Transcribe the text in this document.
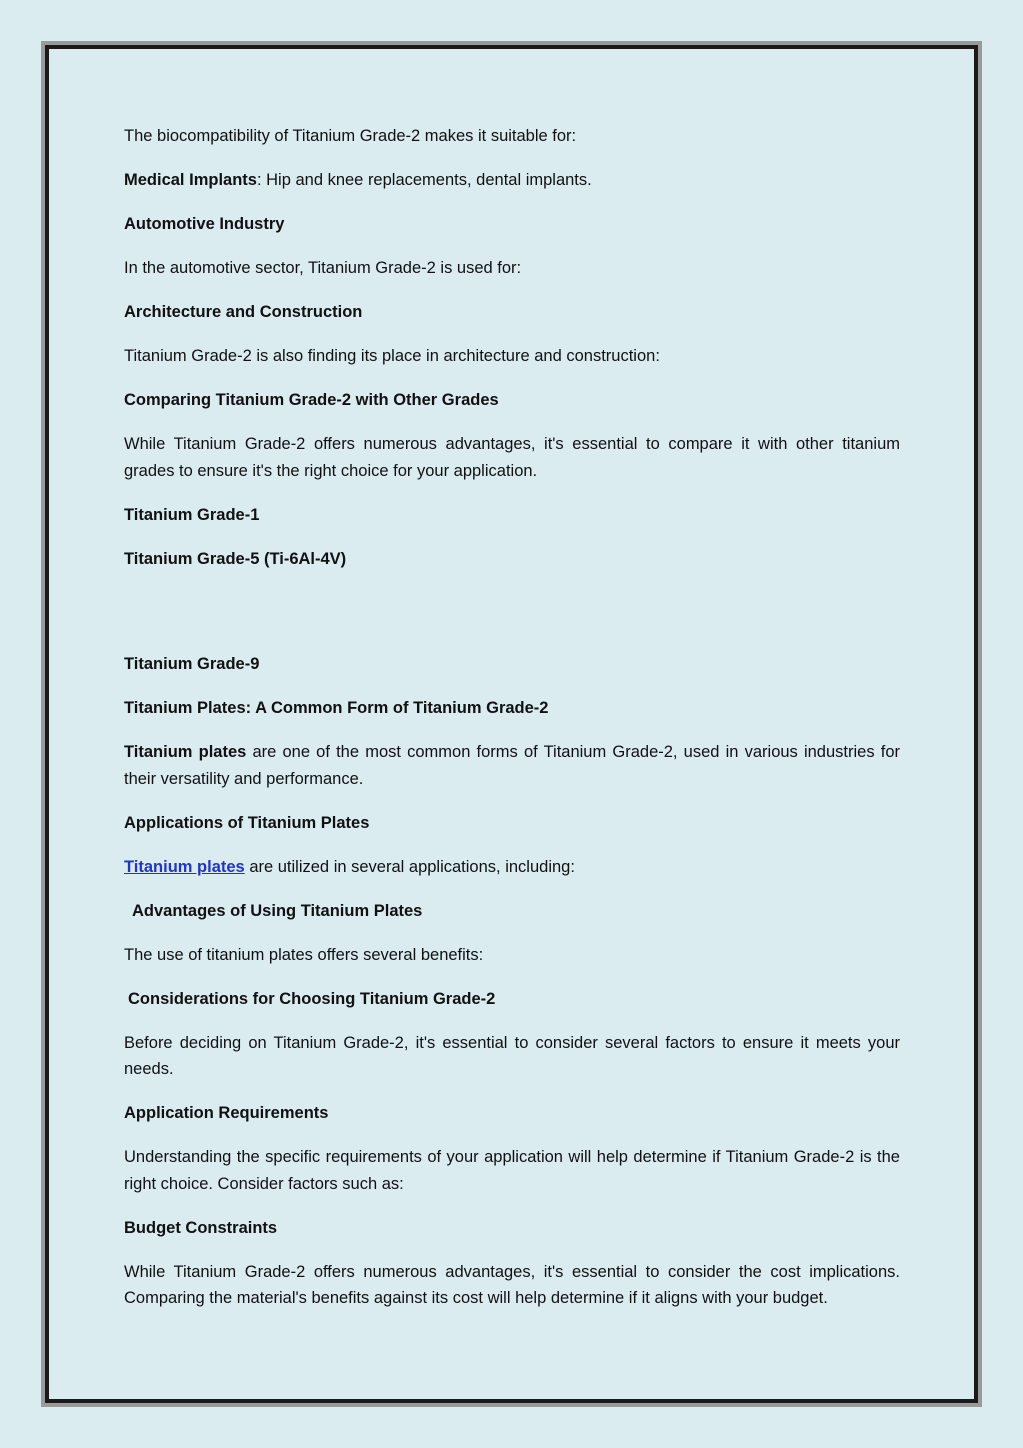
The biocompatibility of Titanium Grade-2 makes it suitable for:

Medical Implants: Hip and knee replacements, dental implants.

Automotive Industry

In the automotive sector, Titanium Grade-2 is used for:

Architecture and Construction

Titanium Grade-2 is also finding its place in architecture and construction:

Comparing Titanium Grade-2 with Other Grades

While Titanium Grade-2 offers numerous advantages, it's essential to compare it with other titanium grades to ensure it's the right choice for your application.

Titanium Grade-1

Titanium Grade-5 (Ti-6Al-4V)

Titanium Grade-9

Titanium Plates: A Common Form of Titanium Grade-2

Titanium plates are one of the most common forms of Titanium Grade-2, used in various industries for their versatility and performance.

Applications of Titanium Plates

Titanium plates are utilized in several applications, including:

Advantages of Using Titanium Plates

The use of titanium plates offers several benefits:

Considerations for Choosing Titanium Grade-2

Before deciding on Titanium Grade-2, it's essential to consider several factors to ensure it meets your needs.

Application Requirements

Understanding the specific requirements of your application will help determine if Titanium Grade-2 is the right choice. Consider factors such as:

Budget Constraints

While Titanium Grade-2 offers numerous advantages, it's essential to consider the cost implications. Comparing the material's benefits against its cost will help determine if it aligns with your budget.
